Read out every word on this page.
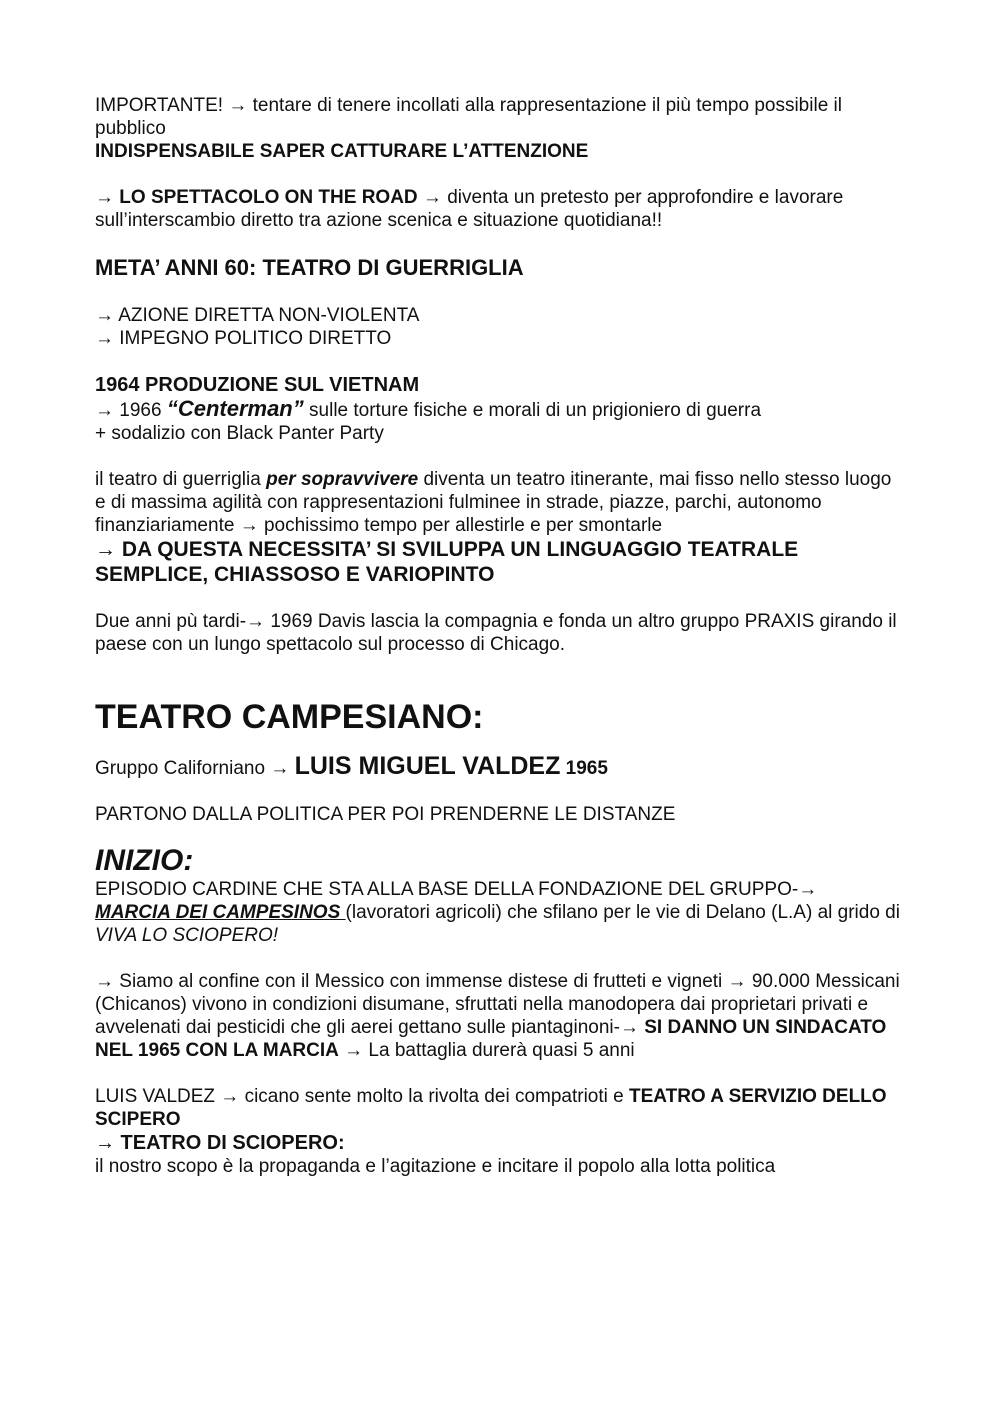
IMPORTANTE! → tentare di tenere incollati alla rappresentazione il più tempo possibile il pubblico

INDISPENSABILE SAPER CATTURARE L’ATTENZIONE

→ LO SPETTACOLO ON THE ROAD → diventa un pretesto per approfondire e lavorare sull’interscambio diretto tra azione scenica e situazione quotidiana!!

META’ ANNI 60: TEATRO DI GUERRIGLIA

→ AZIONE DIRETTA NON-VIOLENTA

→ IMPEGNO POLITICO DIRETTO

1964 PRODUZIONE SUL VIETNAM

→ 1966 “Centerman” sulle torture fisiche e morali di un prigioniero di guerra

+ sodalizio con Black Panter Party

il teatro di guerriglia per sopravvivere diventa un teatro itinerante, mai fisso nello stesso luogo e di massima agilità con rappresentazioni fulminee in strade, piazze, parchi, autonomo finanziariamente → pochissimo tempo per allestirle e per smontarle

→ DA QUESTA NECESSITA’ SI SVILUPPA UN LINGUAGGIO TEATRALE SEMPLICE, CHIASSOSO E VARIOPINTO

Due anni pù tardi-→ 1969 Davis lascia la compagnia e fonda un altro gruppo PRAXIS girando il paese con un lungo spettacolo sul processo di Chicago.

TEATRO CAMPESIANO:

Gruppo Californiano → LUIS MIGUEL VALDEZ 1965

PARTONO DALLA POLITICA PER POI PRENDERNE LE DISTANZE

INIZIO:

EPISODIO CARDINE CHE STA ALLA BASE DELLA FONDAZIONE DEL GRUPPO-→

MARCIA DEI CAMPESINOS (lavoratori agricoli) che sfilano per le vie di Delano (L.A) al grido di VIVA LO SCIOPERO!

→ Siamo al confine con il Messico con immense distese di frutteti e vigneti → 90.000 Messicani (Chicanos) vivono in condizioni disumane, sfruttati nella manodopera dai proprietari privati e avvelenati dai pesticidi che gli aerei gettano sulle piantaginoni-→ SI DANNO UN SINDACATO NEL 1965 CON LA MARCIA → La battaglia durerà quasi 5 anni

LUIS VALDEZ → cicano sente molto la rivolta dei compatrioti e TEATRO A SERVIZIO DELLO SCIPERO

→ TEATRO DI SCIOPERO:

il nostro scopo è la propaganda e l’agitazione e incitare il popolo alla lotta politica
